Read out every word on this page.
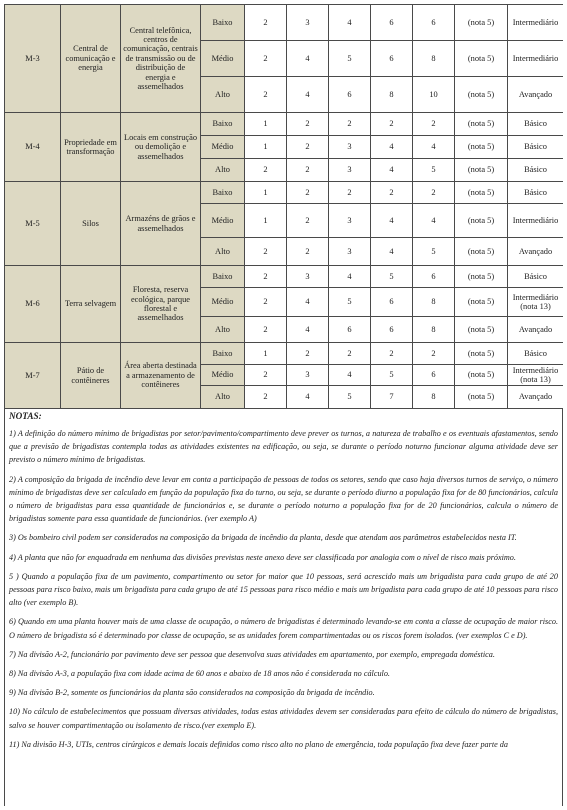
M-3	Central de comunicação e energia	Central telefônica, centros de comunicação, centrais de transmissão ou de distribuição de energia e assemelhados	Baixo	2	3	4	6	6	(nota 5)	Intermediário
			Médio	2	4	5	6	8	(nota 5)	Intermediário
			Alto	2	4	6	8	10	(nota 5)	Avançado
M-4	Propriedade em transformação	Locais em construção ou demolição e assemelhados	Baixo	1	2	2	2	2	(nota 5)	Básico
			Médio	1	2	3	4	4	(nota 5)	Básico
			Alto	2	2	3	4	5	(nota 5)	Básico
M-5	Silos	Armazéns de grãos e assemelhados	Baixo	1	2	2	2	2	(nota 5)	Básico
			Médio	1	2	3	4	4	(nota 5)	Intermediário
			Alto	2	2	3	4	5	(nota 5)	Avançado
M-6	Terra selvagem	Floresta, reserva ecológica, parque florestal e assemelhados	Baixo	2	3	4	5	6	(nota 5)	Básico
			Médio	2	4	5	6	8	(nota 5)	Intermediário (nota 13)
			Alto	2	4	6	6	8	(nota 5)	Avançado
M-7	Pátio de contêineres	Área aberta destinada a armazenamento de contêineres	Baixo	1	2	2	2	2	(nota 5)	Básico
			Médio	2	3	4	5	6	(nota 5)	Intermediário (nota 13)
			Alto	2	4	5	7	8	(nota 5)	Avançado

NOTAS:

1) A definição do número mínimo de brigadistas por setor/pavimento/compartimento deve prever os turnos, a natureza de trabalho e os eventuais afastamentos, sendo que a previsão de brigadistas contempla todas as atividades existentes na edificação, ou seja, se durante o período noturno funcionar alguma atividade deve ser previsto o número mínimo de brigadistas.

2) A composição da brigada de incêndio deve levar em conta a participação de pessoas de todos os setores, sendo que caso haja diversos turnos de serviço, o número mínimo de brigadistas deve ser calculado em função da população fixa do turno, ou seja, se durante o período diurno a população fixa for de 80 funcionários, calcula o número de brigadistas para essa quantidade de funcionários e, se durante o período noturno a população fixa for de 20 funcionários, calcula o número de brigadistas somente para essa quantidade de funcionários. (ver exemplo A)

3) Os bombeiro civil podem ser considerados na composição da brigada de incêndio da planta, desde que atendam aos parâmetros estabelecidos nesta IT.

4) A planta que não for enquadrada em nenhuma das divisões previstas neste anexo deve ser classificada por analogia com o nível de risco mais próximo.

5 ) Quando a população fixa de um pavimento, compartimento ou setor for maior que 10 pessoas, será acrescido mais um brigadista para cada grupo de até 20 pessoas para risco baixo, mais um brigadista para cada grupo de até 15 pessoas para risco médio e mais um brigadista para cada grupo de até 10 pessoas para risco alto (ver exemplo B).

6) Quando em uma planta houver mais de uma classe de ocupação, o número de brigadistas é determinado levando-se em conta a classe de ocupação de maior risco. O número de brigadista só é determinado por classe de ocupação, se as unidades forem compartimentadas ou os riscos forem isolados. (ver exemplos C e D).

7) Na divisão A-2, funcionário por pavimento deve ser pessoa que desenvolva suas atividades em apartamento, por exemplo, empregada doméstica.

8) Na divisão A-3, a população fixa com idade acima de 60 anos e abaixo de 18 anos não é considerada no cálculo.

9) Na divisão B-2, somente os funcionários da planta são considerados na composição da brigada de incêndio.

10) No cálculo de estabelecimentos que possuam diversas atividades, todas estas atividades devem ser consideradas para efeito de cálculo do número de brigadistas, salvo se houver compartimentação ou isolamento de risco.(ver exemplo E).

11) Na divisão H-3, UTIs, centros cirúrgicos e demais locais definidos como risco alto no plano de emergência, toda população fixa deve fazer parte da
